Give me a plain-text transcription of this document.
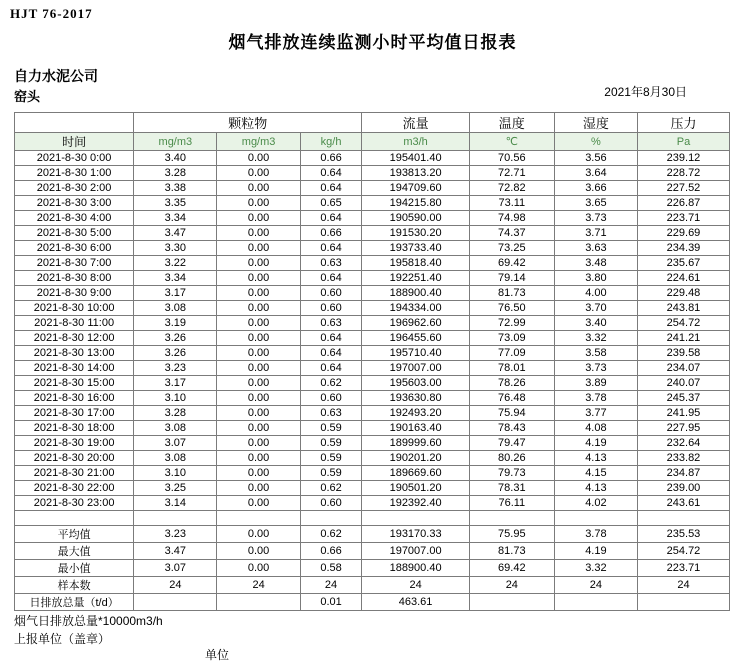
HJT 76-2017
烟气排放连续监测小时平均值日报表
自力水泥公司
窑头	2021年8月30日
	颗粒物			流量	温度	湿度	压力
时间	mg/m3	mg/m3	kg/h	m3/h	℃	%	Pa
2021-8-30 0:00	3.40	0.00	0.66	195401.40	70.56	3.56	239.12
2021-8-30 1:00	3.28	0.00	0.64	193813.20	72.71	3.64	228.72
2021-8-30 2:00	3.38	0.00	0.64	194709.60	72.82	3.66	227.52
2021-8-30 3:00	3.35	0.00	0.65	194215.80	73.11	3.65	226.87
2021-8-30 4:00	3.34	0.00	0.64	190590.00	74.98	3.73	223.71
2021-8-30 5:00	3.47	0.00	0.66	191530.20	74.37	3.71	229.69
2021-8-30 6:00	3.30	0.00	0.64	193733.40	73.25	3.63	234.39
2021-8-30 7:00	3.22	0.00	0.63	195818.40	69.42	3.48	235.67
2021-8-30 8:00	3.34	0.00	0.64	192251.40	79.14	3.80	224.61
2021-8-30 9:00	3.17	0.00	0.60	188900.40	81.73	4.00	229.48
2021-8-30 10:00	3.08	0.00	0.60	194334.00	76.50	3.70	243.81
2021-8-30 11:00	3.19	0.00	0.63	196962.60	72.99	3.40	254.72
2021-8-30 12:00	3.26	0.00	0.64	196455.60	73.09	3.32	241.21
2021-8-30 13:00	3.26	0.00	0.64	195710.40	77.09	3.58	239.58
2021-8-30 14:00	3.23	0.00	0.64	197007.00	78.01	3.73	234.07
2021-8-30 15:00	3.17	0.00	0.62	195603.00	78.26	3.89	240.07
2021-8-30 16:00	3.10	0.00	0.60	193630.80	76.48	3.78	245.37
2021-8-30 17:00	3.28	0.00	0.63	192493.20	75.94	3.77	241.95
2021-8-30 18:00	3.08	0.00	0.59	190163.40	78.43	4.08	227.95
2021-8-30 19:00	3.07	0.00	0.59	189999.60	79.47	4.19	232.64
2021-8-30 20:00	3.08	0.00	0.59	190201.20	80.26	4.13	233.82
2021-8-30 21:00	3.10	0.00	0.59	189669.60	79.73	4.15	234.87
2021-8-30 22:00	3.25	0.00	0.62	190501.20	78.31	4.13	239.00
2021-8-30 23:00	3.14	0.00	0.60	192392.40	76.11	4.02	243.61

平均值	3.23	0.00	0.62	193170.33	75.95	3.78	235.53
最大值	3.47	0.00	0.66	197007.00	81.73	4.19	254.72
最小值	3.07	0.00	0.58	188900.40	69.42	3.32	223.71
样本数	24	24	24	24	24	24	24
日排放总量（t/d）			0.01	463.61			
烟气日排放总量*10000m3/h
上报单位（盖章）
单位
